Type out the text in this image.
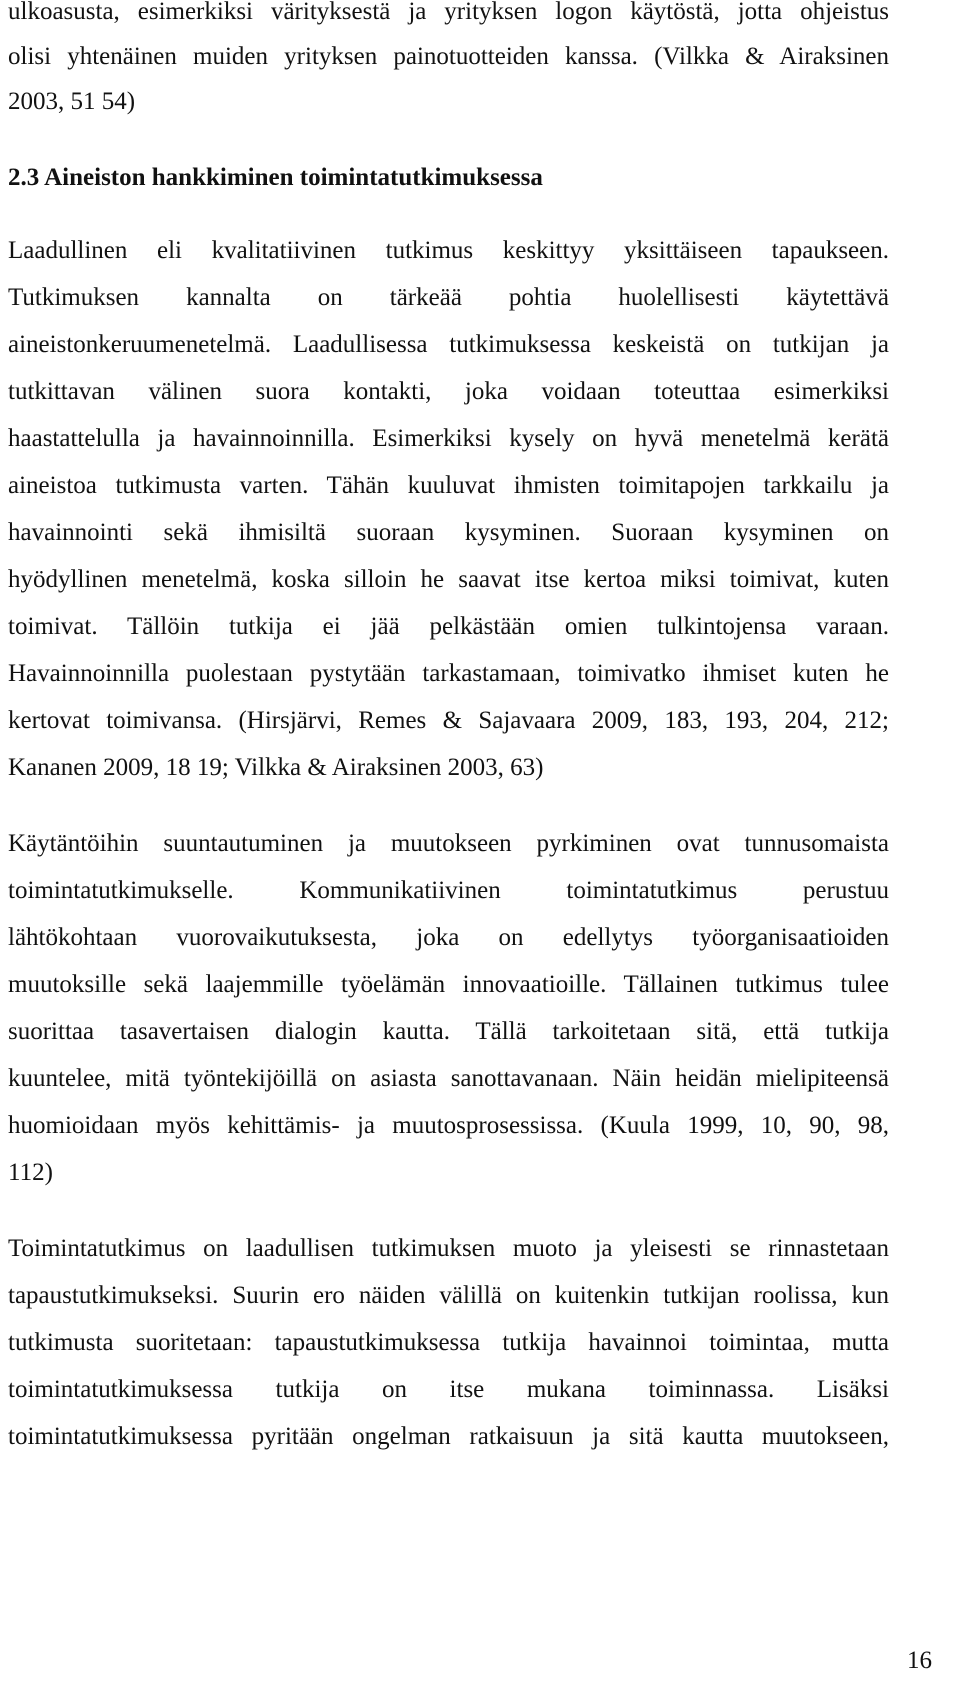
ulkoasusta, esimerkiksi värityksestä ja yrityksen logon käytöstä, jotta ohjeistus
olisi yhtenäinen muiden yrityksen painotuotteiden kanssa. (Vilkka & Airaksinen
2003, 51 54)
2.3 Aineiston hankkiminen toimintatutkimuksessa
Laadullinen eli kvalitatiivinen tutkimus keskittyy yksittäiseen tapaukseen.
Tutkimuksen kannalta on tärkeää pohtia huolellisesti käytettävä
aineistonkeruumenetelmä. Laadullisessa tutkimuksessa keskeistä on tutkijan ja
tutkittavan välinen suora kontakti, joka voidaan toteuttaa esimerkiksi
haastattelulla ja havainnoinnilla. Esimerkiksi kysely on hyvä menetelmä kerätä
aineistoa tutkimusta varten. Tähän kuuluvat ihmisten toimitapojen tarkkailu ja
havainnointi sekä ihmisiltä suoraan kysyminen. Suoraan kysyminen on
hyödyllinen menetelmä, koska silloin he saavat itse kertoa miksi toimivat, kuten
toimivat. Tällöin tutkija ei jää pelkästään omien tulkintojensa varaan.
Havainnoinnilla puolestaan pystytään tarkastamaan, toimivatko ihmiset kuten he
kertovat toimivansa. (Hirsjärvi, Remes & Sajavaara 2009, 183, 193, 204, 212;
Kananen 2009, 18 19; Vilkka & Airaksinen 2003, 63)
Käytäntöihin suuntautuminen ja muutokseen pyrkiminen ovat tunnusomaista
toimintatutkimukselle. Kommunikatiivinen toimintatutkimus perustuu
lähtökohtaan vuorovaikutuksesta, joka on edellytys työorganisaatioiden
muutoksille sekä laajemmille työelämän innovaatioille. Tällainen tutkimus tulee
suorittaa tasavertaisen dialogin kautta. Tällä tarkoitetaan sitä, että tutkija
kuuntelee, mitä työntekijöillä on asiasta sanottavanaan. Näin heidän mielipiteensä
huomioidaan myös kehittämis- ja muutosprosessissa. (Kuula 1999, 10, 90, 98,
112)
Toimintatutkimus on laadullisen tutkimuksen muoto ja yleisesti se rinnastetaan
tapaustutkimukseksi. Suurin ero näiden välillä on kuitenkin tutkijan roolissa, kun
tutkimusta suoritetaan: tapaustutkimuksessa tutkija havainnoi toimintaa, mutta
toimintatutkimuksessa tutkija on itse mukana toiminnassa. Lisäksi
toimintatutkimuksessa pyritään ongelman ratkaisuun ja sitä kautta muutokseen,
16
